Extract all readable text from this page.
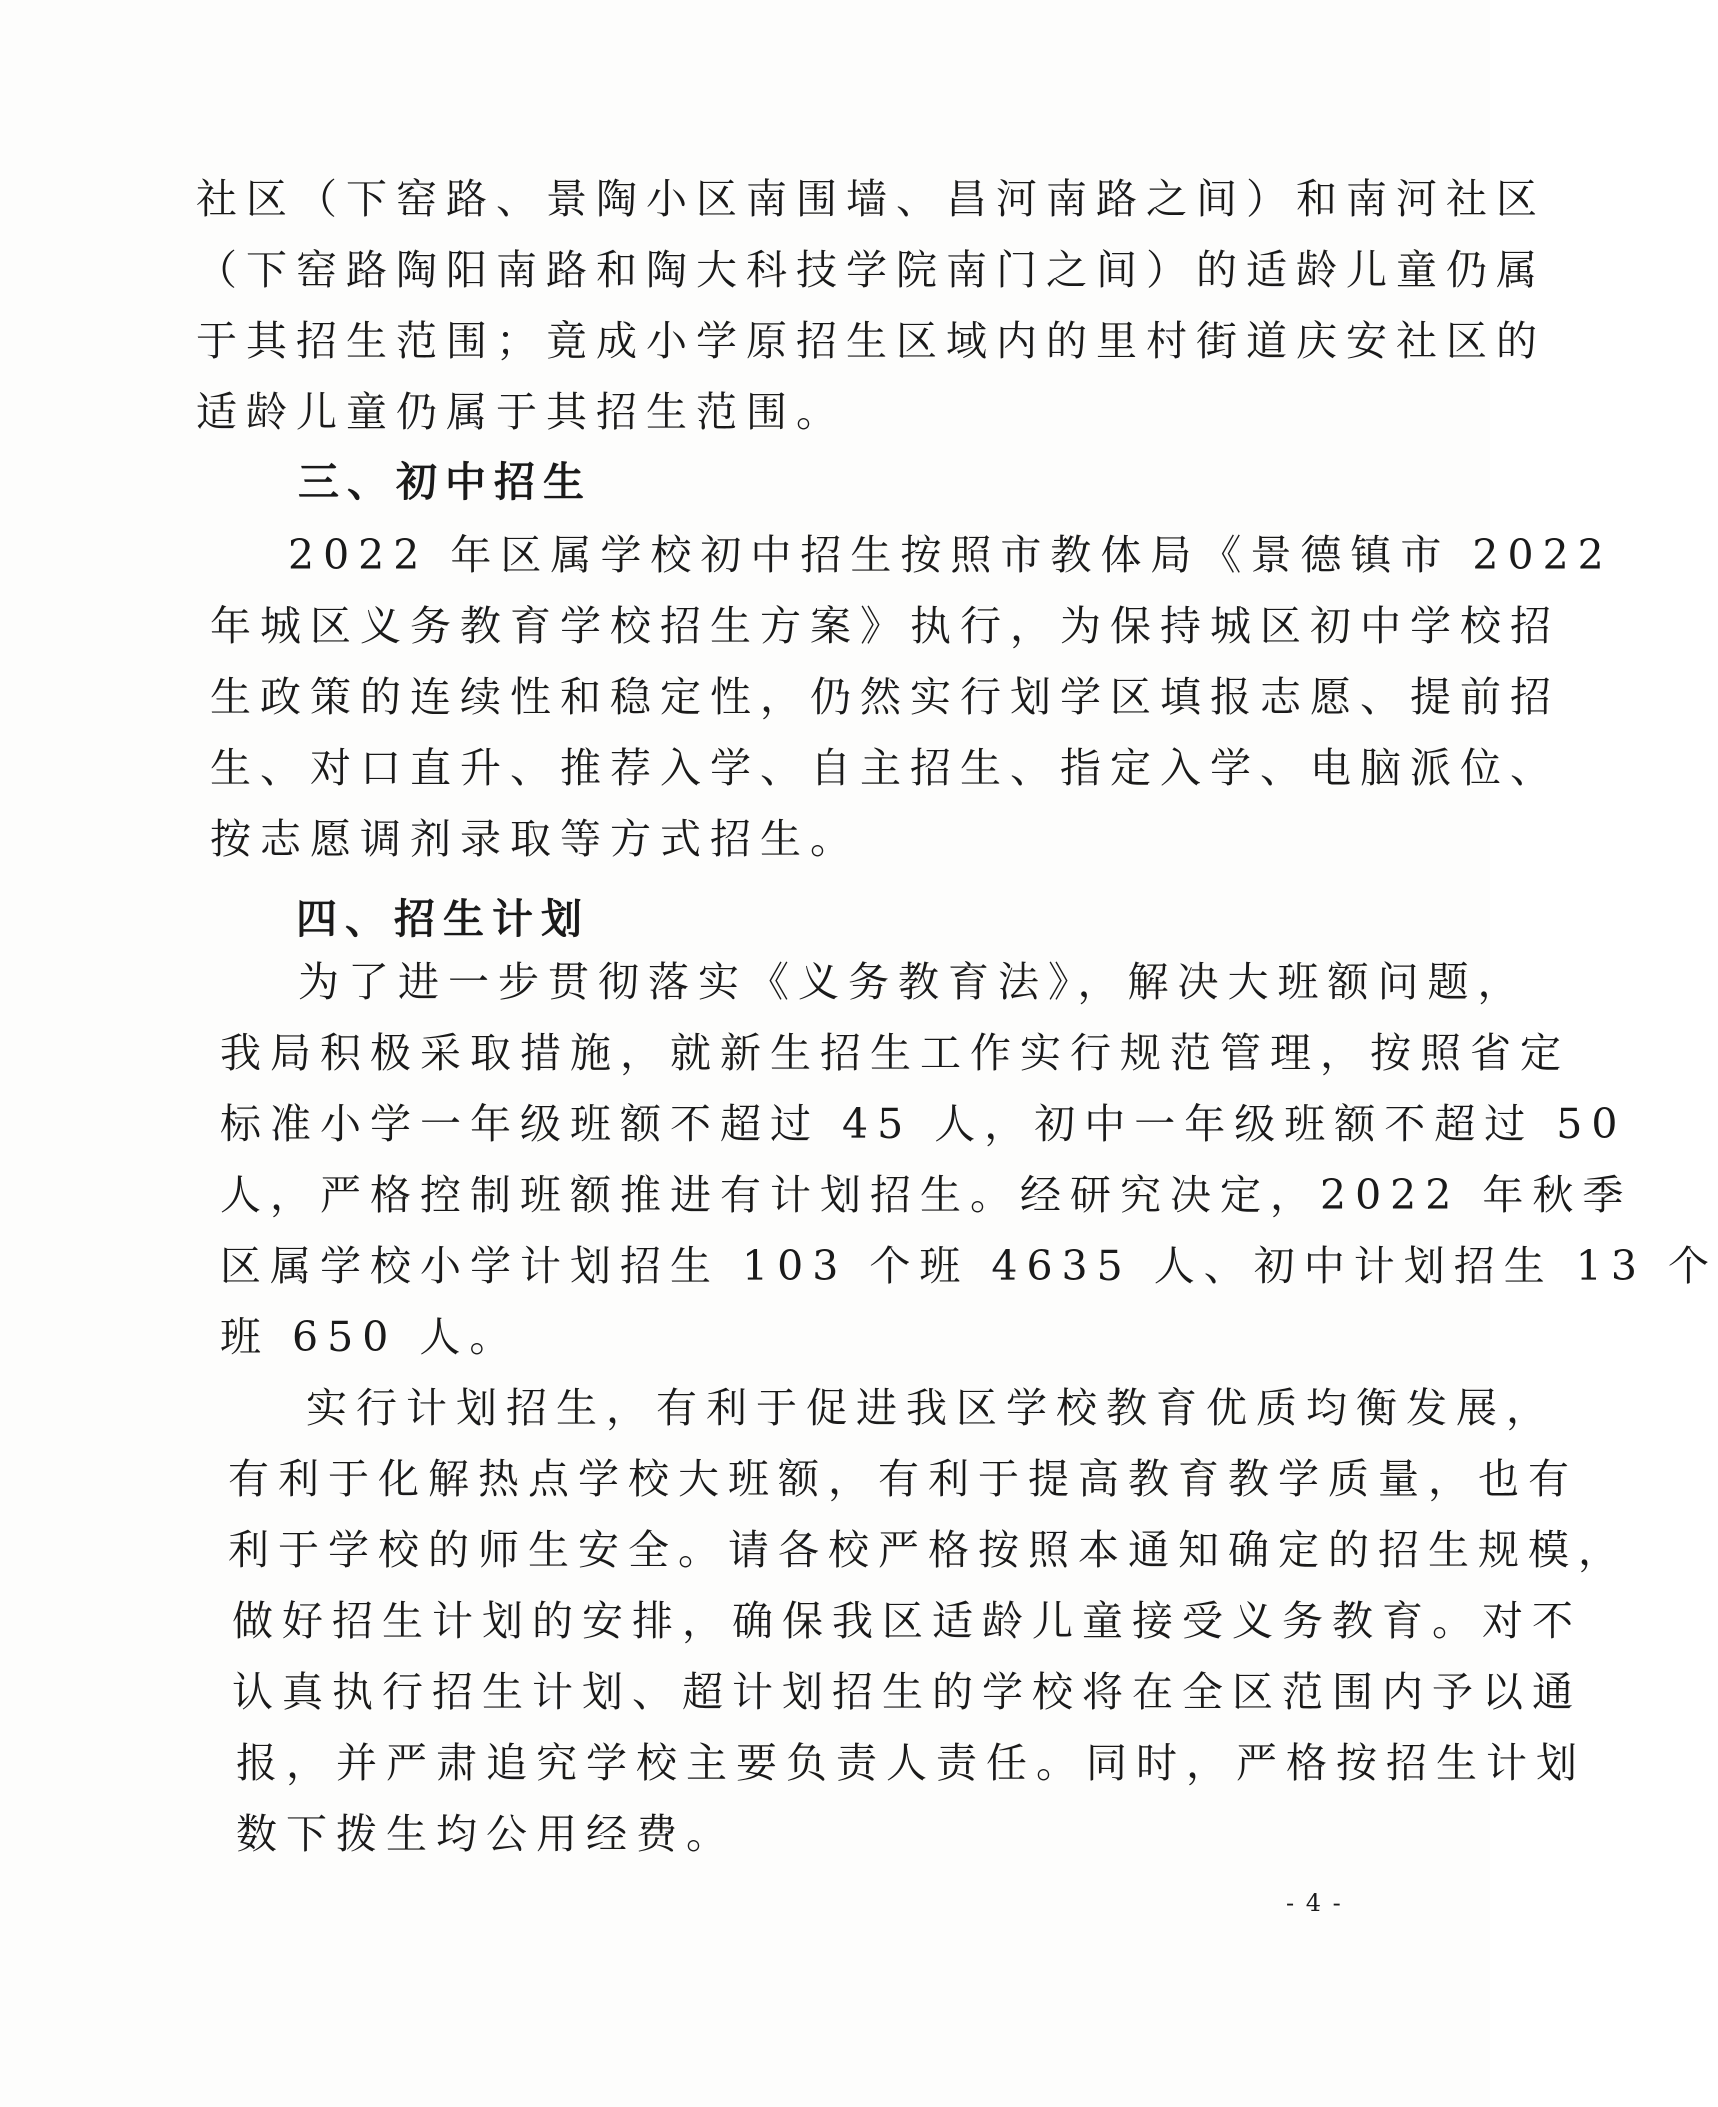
社区（下窑路、景陶小区南围墙、昌河南路之间）和南河社区
（下窑路陶阳南路和陶大科技学院南门之间）的适龄儿童仍属
于其招生范围；竟成小学原招生区域内的里村街道庆安社区的
适龄儿童仍属于其招生范围。
三、初中招生
2022 年区属学校初中招生按照市教体局《景德镇市 2022
年城区义务教育学校招生方案》执行，为保持城区初中学校招
生政策的连续性和稳定性，仍然实行划学区填报志愿、提前招
生、对口直升、推荐入学、自主招生、指定入学、电脑派位、
按志愿调剂录取等方式招生。
四、招生计划
为了进一步贯彻落实《义务教育法》，解决大班额问题，
我局积极采取措施，就新生招生工作实行规范管理，按照省定
标准小学一年级班额不超过 45 人，初中一年级班额不超过 50
人，严格控制班额推进有计划招生。经研究决定，2022 年秋季
区属学校小学计划招生 103 个班 4635 人、初中计划招生 13 个
班 650 人。
实行计划招生，有利于促进我区学校教育优质均衡发展，
有利于化解热点学校大班额，有利于提高教育教学质量，也有
利于学校的师生安全。请各校严格按照本通知确定的招生规模，
做好招生计划的安排，确保我区适龄儿童接受义务教育。对不
认真执行招生计划、超计划招生的学校将在全区范围内予以通
报，并严肃追究学校主要负责人责任。同时，严格按招生计划
数下拨生均公用经费。
- 4 -
